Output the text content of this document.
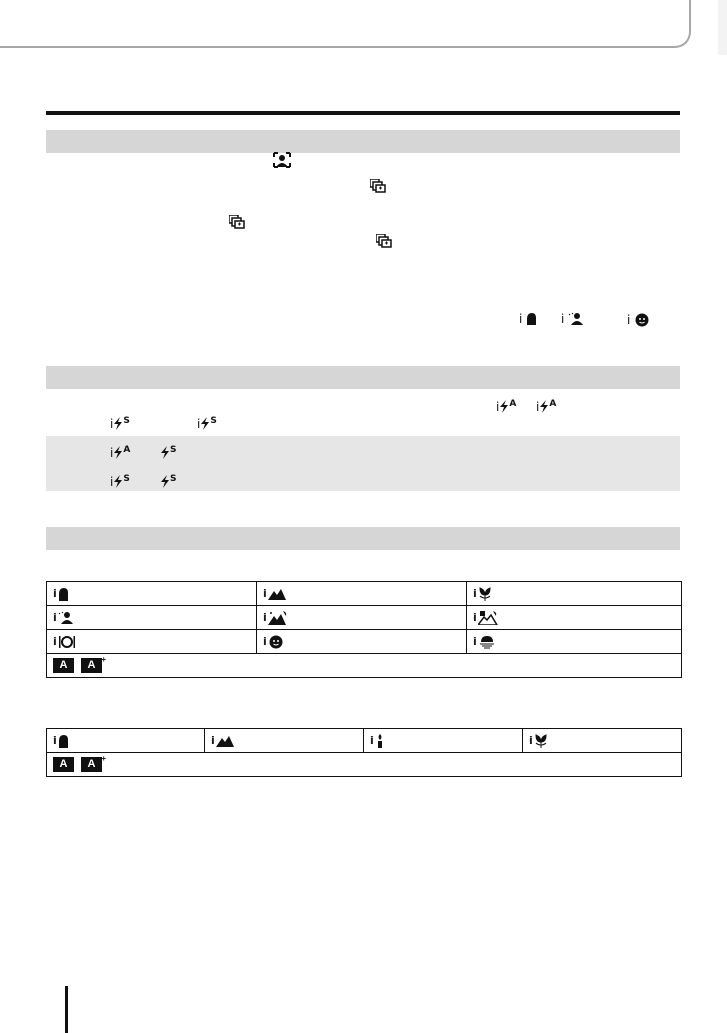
i	i	i
i $^A$ i $^A$
i $^S$	i $^S$
i $^A$	$^S$
i $^S$	$^S$
i	i	i

i	i	i

i	i	i

A A +		
i	i	i	i

A A +
